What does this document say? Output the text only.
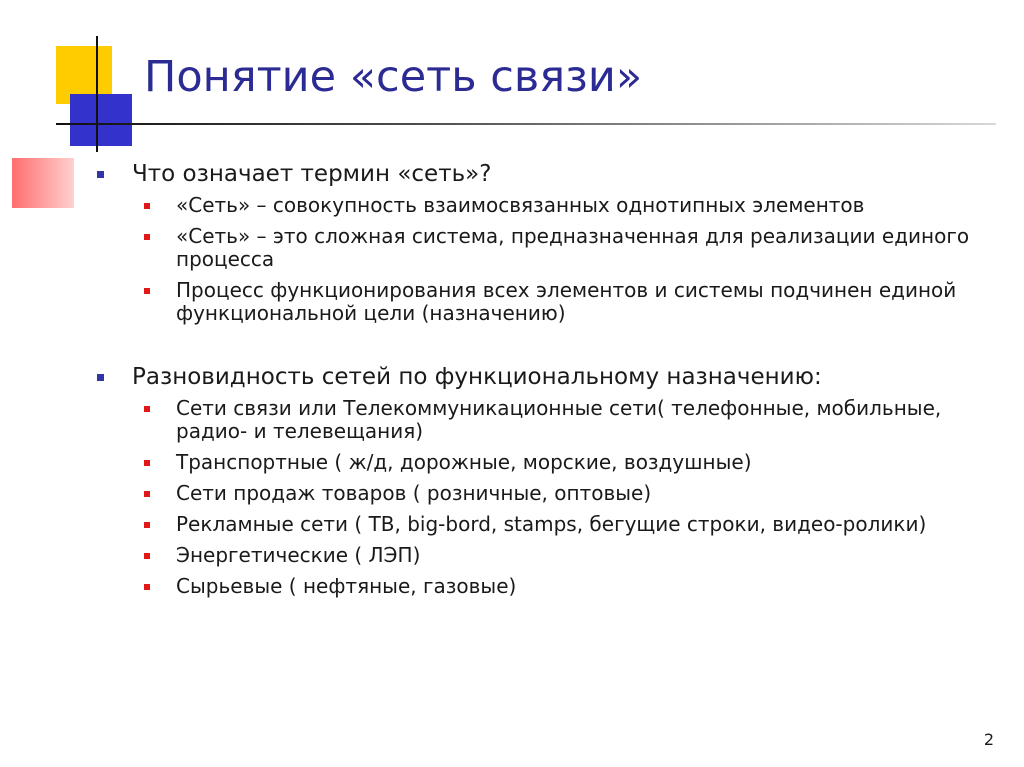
Понятие «сеть связи»
Что означает термин «сеть»?
«Сеть» – совокупность взаимосвязанных однотипных элементов
«Сеть» – это сложная система, предназначенная для реализации единого процесса
Процесс функционирования всех элементов и системы подчинен единой функциональной цели (назначению)
Разновидность сетей по функциональному назначению:
Сети связи или Телекоммуникационные сети( телефонные, мобильные, радио- и телевещания)
Транспортные ( ж/д, дорожные, морские, воздушные)
Сети продаж товаров ( розничные, оптовые)
Рекламные сети ( ТВ, big-bord, stamps, бегущие строки, видео-ролики)
Энергетические ( ЛЭП)
Сырьевые ( нефтяные, газовые)
2
